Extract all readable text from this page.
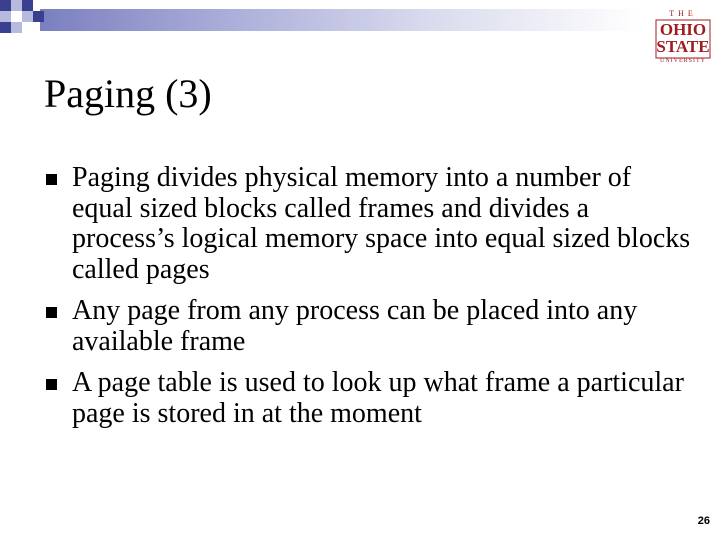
THE
OHIO
STATE
UNIVERSITY
Paging (3)
Paging divides physical memory into a number of equal sized blocks called frames and divides a process’s logical memory space into equal sized blocks called pages
Any page from any process can be placed into any available frame
A page table is used to look up what frame a particular page is stored in at the moment
26
